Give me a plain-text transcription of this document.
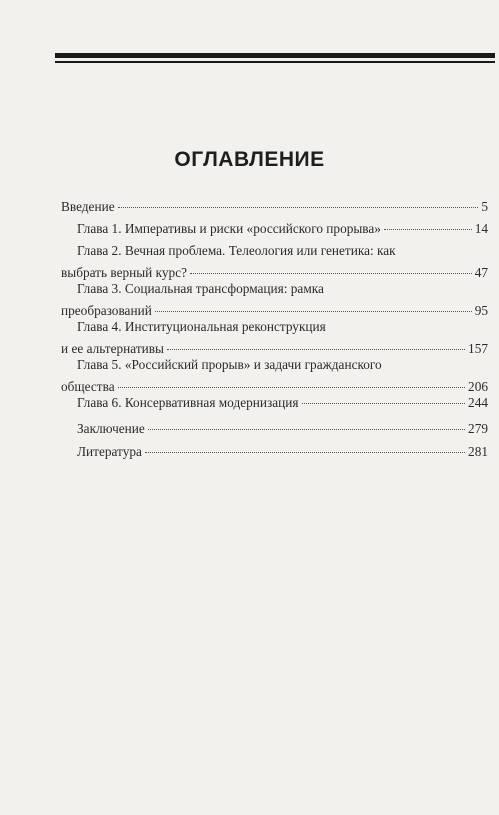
ОГЛАВЛЕНИЕ
Введение	5
Глава 1. Императивы и риски «российского прорыва»	14
Глава 2. Вечная проблема. Телеология или генетика: как
выбрать верный курс?	47
Глава 3. Социальная трансформация: рамка
преобразований	95
Глава 4. Институциональная реконструкция
и ее альтернативы	157
Глава 5. «Российский прорыв» и задачи гражданского
общества	206
Глава 6. Консервативная модернизация	244
Заключение	279
Литература	281
